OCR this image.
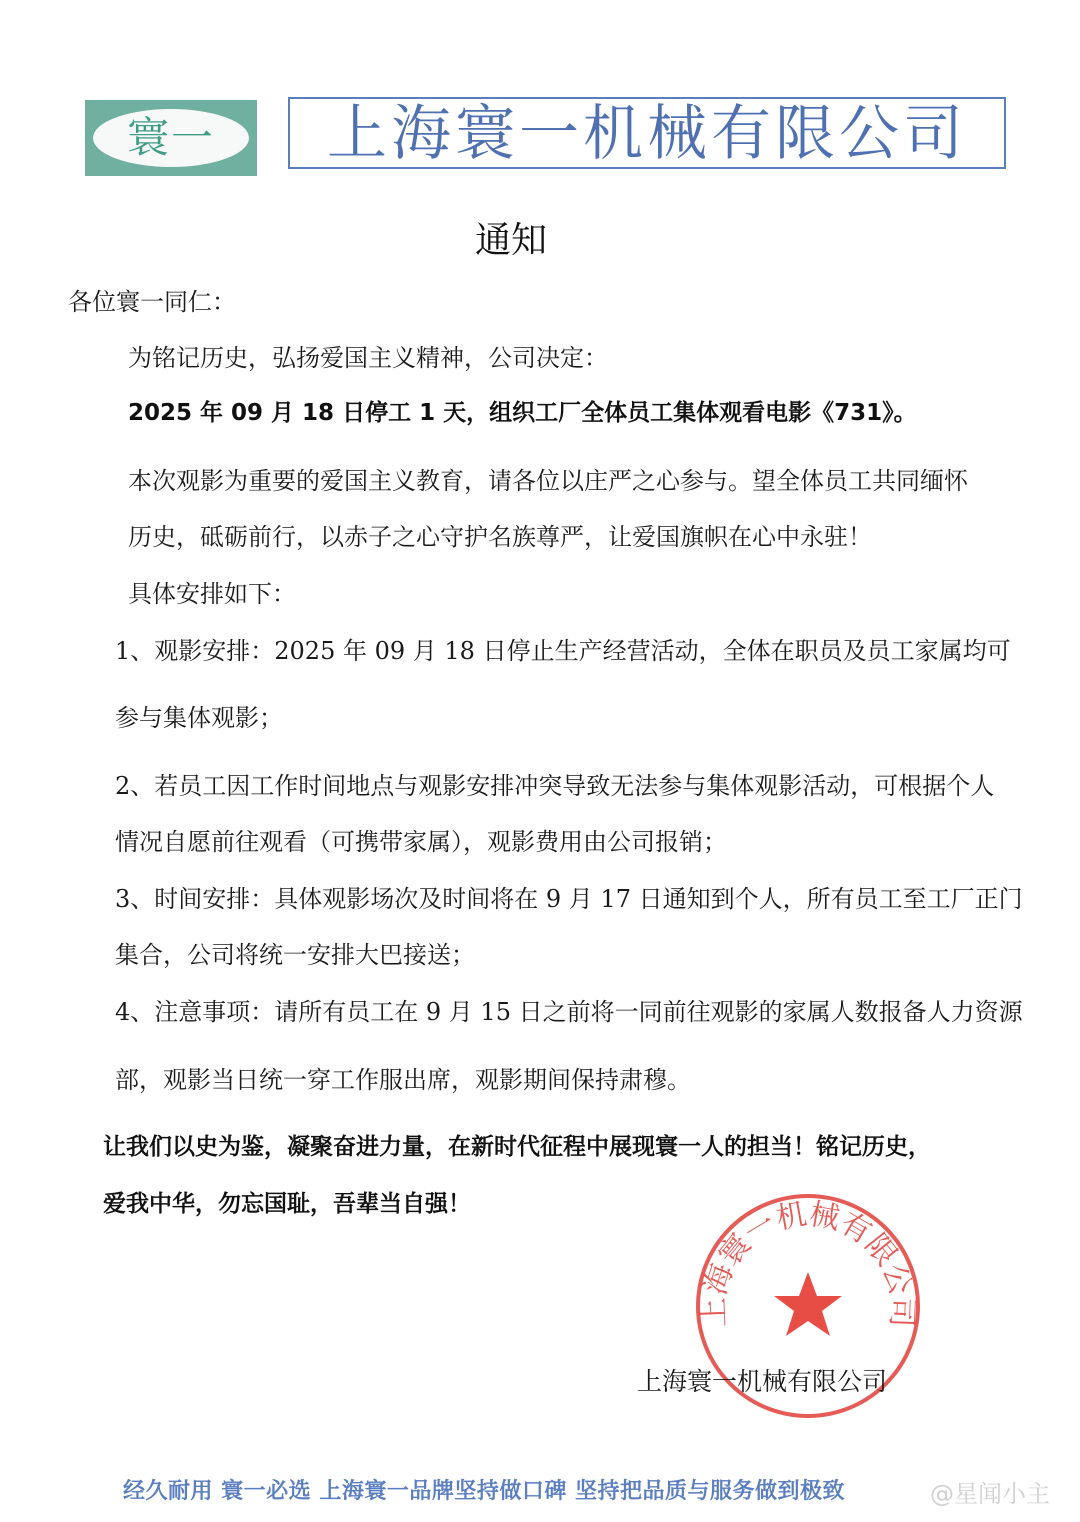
寰一	上海寰一机械有限公司
通知
各位寰一同仁：
为铭记历史，弘扬爱国主义精神，公司决定：
2025 年 09 月 18 日停工 1 天，组织工厂全体员工集体观看电影《731》。
本次观影为重要的爱国主义教育，请各位以庄严之心参与。望全体员工共同缅怀
历史，砥砺前行，以赤子之心守护名族尊严，让爱国旗帜在心中永驻！
具体安排如下：
1、观影安排：2025 年 09 月 18 日停止生产经营活动，全体在职员及员工家属均可
参与集体观影；
2、若员工因工作时间地点与观影安排冲突导致无法参与集体观影活动，可根据个人
情况自愿前往观看（可携带家属），观影费用由公司报销；
3、时间安排：具体观影场次及时间将在 9 月 17 日通知到个人，所有员工至工厂正门
集合，公司将统一安排大巴接送；
4、注意事项：请所有员工在 9 月 15 日之前将一同前往观影的家属人数报备人力资源
部，观影当日统一穿工作服出席，观影期间保持肃穆。
让我们以史为鉴，凝聚奋进力量，在新时代征程中展现寰一人的担当！铭记历史，
爱我中华，勿忘国耻，吾辈当自强！
上海寰一机械有限公司
上海寰一机械有限公司
经久耐用 寰一必选 上海寰一品牌坚持做口碑 坚持把品质与服务做到极致	@星闻小主
